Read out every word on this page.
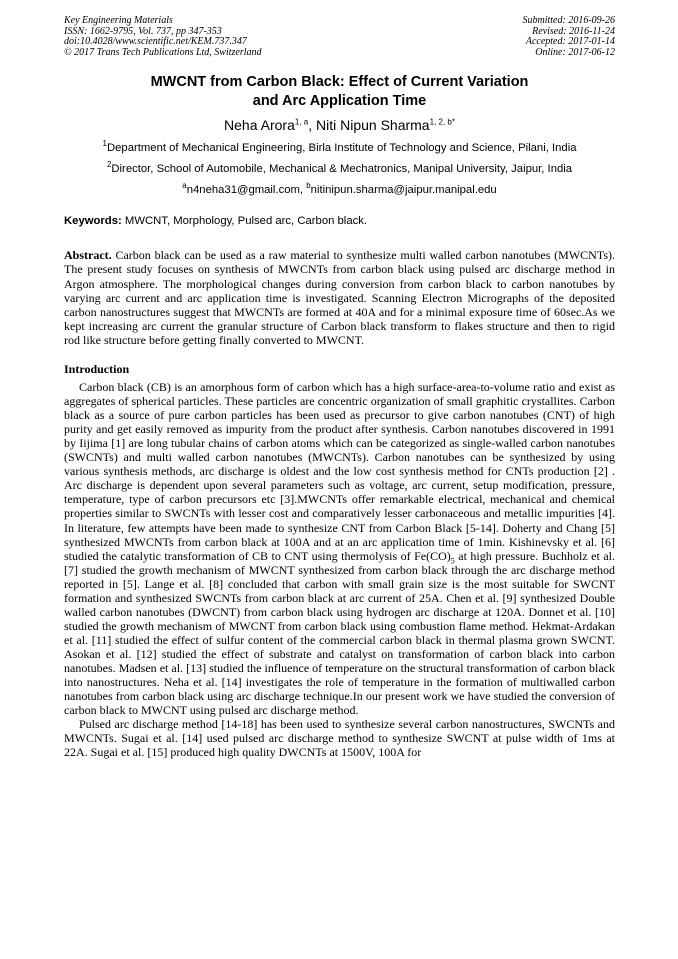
Key Engineering Materials
ISSN: 1662-9795, Vol. 737, pp 347-353
doi:10.4028/www.scientific.net/KEM.737.347
© 2017 Trans Tech Publications Ltd, Switzerland
Submitted: 2016-09-26
Revised: 2016-11-24
Accepted: 2017-01-14
Online: 2017-06-12
MWCNT from Carbon Black: Effect of Current Variation
and Arc Application Time
Neha Arora$^{1, a}$, Niti Nipun Sharma$^{1, 2, b*}$
$^1$Department of Mechanical Engineering, Birla Institute of Technology and Science, Pilani, India
$^2$Director, School of Automobile, Mechanical & Mechatronics, Manipal University, Jaipur, India
$^a$n4neha31@gmail.com, $^b$nitinipun.sharma@jaipur.manipal.edu
Keywords: MWCNT, Morphology, Pulsed arc, Carbon black.
Abstract. Carbon black can be used as a raw material to synthesize multi walled carbon nanotubes (MWCNTs). The present study focuses on synthesis of MWCNTs from carbon black using pulsed arc discharge method in Argon atmosphere. The morphological changes during conversion from carbon black to carbon nanotubes by varying arc current and arc application time is investigated. Scanning Electron Micrographs of the deposited carbon nanostructures suggest that MWCNTs are formed at 40A and for a minimal exposure time of 60sec.As we kept increasing arc current the granular structure of Carbon black transform to flakes structure and then to rigid rod like structure before getting finally converted to MWCNT.
Introduction

Carbon black (CB) is an amorphous form of carbon which has a high surface-area-to-volume ratio and exist as aggregates of spherical particles. These particles are concentric organization of small graphitic crystallites. Carbon black as a source of pure carbon particles has been used as precursor to give carbon nanotubes (CNT) of high purity and get easily removed as impurity from the product after synthesis. Carbon nanotubes discovered in 1991 by Iijima [1] are long tubular chains of carbon atoms which can be categorized as single-walled carbon nanotubes (SWCNTs) and multi walled carbon nanotubes (MWCNTs). Carbon nanotubes can be synthesized by using various synthesis methods, arc discharge is oldest and the low cost synthesis method for CNTs production [2] . Arc discharge is dependent upon several parameters such as voltage, arc current, setup modification, pressure, temperature, type of carbon precursors etc [3].MWCNTs offer remarkable electrical, mechanical and chemical properties similar to SWCNTs with lesser cost and comparatively lesser carbonaceous and metallic impurities [4]. In literature, few attempts have been made to synthesize CNT from Carbon Black [5-14]. Doherty and Chang [5] synthesized MWCNTs from carbon black at 100A and at an arc application time of 1min. Kishinevsky et al. [6] studied the catalytic transformation of CB to CNT using thermolysis of $Fe(CO)_5$ at high pressure. Buchholz et al. [7] studied the growth mechanism of MWCNT synthesized from carbon black through the arc discharge method reported in [5]. Lange et al. [8] concluded that carbon with small grain size is the most suitable for SWCNT formation and synthesized SWCNTs from carbon black at arc current of 25A. Chen et al. [9] synthesized Double walled carbon nanotubes (DWCNT) from carbon black using hydrogen arc discharge at 120A. Donnet et al. [10] studied the growth mechanism of MWCNT from carbon black using combustion flame method. Hekmat-Ardakan et al. [11] studied the effect of sulfur content of the commercial carbon black in thermal plasma grown SWCNT. Asokan et al. [12] studied the effect of substrate and catalyst on transformation of carbon black into carbon nanotubes. Madsen et al. [13] studied the influence of temperature on the structural transformation of carbon black into nanostructures. Neha et al. [14] investigates the role of temperature in the formation of multiwalled carbon nanotubes from carbon black using arc discharge technique.In our present work we have studied the conversion of carbon black to MWCNT using pulsed arc discharge method.

Pulsed arc discharge method [14-18] has been used to synthesize several carbon nanostructures, SWCNTs and MWCNTs. Sugai et al. [14] used pulsed arc discharge method to synthesize SWCNT at pulse width of 1ms at 22A. Sugai et al. [15] produced high quality DWCNTs at 1500V, 100A for
